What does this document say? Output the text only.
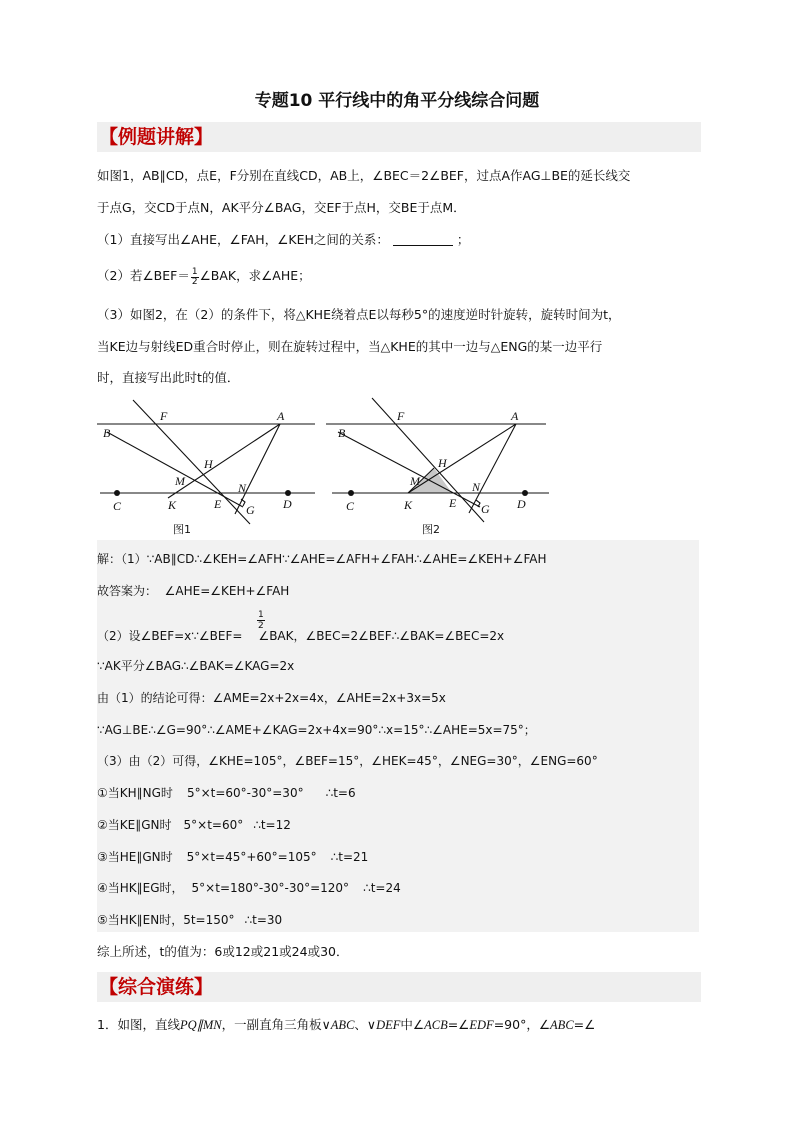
专题10 平行线中的角平分线综合问题
【例题讲解】
如图1，AB∥CD，点E，F分别在直线CD，AB上，∠BEC＝2∠BEF，过点A作AG⊥BE的延长线交
于点G，交CD于点N，AK平分∠BAG，交EF于点H，交BE于点M．
（1）直接写出∠AHE，∠FAH，∠KEH之间的关系：	；
（2）若∠BEF＝ $\frac{1}{2}$ ∠BAK，求∠AHE；
（3）如图2，在（2）的条件下，将△KHE绕着点E以每秒5°的速度逆时针旋转，旋转时间为t，
当KE边与射线ED重合时停止，则在旋转过程中，当△KHE的其中一边与△ENG的某一边平行
时，直接写出此时t的值．
F	A
B
H
M	N
C	K	E G D
图1
F	A
B
H
M	N
C	K	E G D
图2
解：（1）∵AB∥CD∴∠KEH=∠AFH∵∠AHE=∠AFH+∠FAH∴∠AHE=∠KEH+∠FAH
故答案为：  ∠AHE=∠KEH+∠FAH
$\frac{1}{2}$
（2）设∠BEF=x∵∠BEF= ∠BAK，∠BEC=2∠BEF∴∠BAK=∠BEC=2x
∵AK平分∠BAG∴∠BAK=∠KAG=2x
由（1）的结论可得：∠AME=2x+2x=4x，∠AHE=2x+3x=5x
∵AG⊥BE∴∠G=90°∴∠AME+∠KAG=2x+4x=90°∴x=15°∴∠AHE=5x=75°；
（3）由（2）可得，∠KHE=105°，∠BEF=15°，∠HEK=45°，∠NEG=30°，∠ENG=60°
①当KH∥NG时 5°×t=60°-30°=30° ∴t=6
②当KE∥GN时 5°×t=60° ∴t=12
③当HE∥GN时 5°×t=45°+60°=105° ∴t=21
④当HK∥EG时， 5°×t=180°-30°-30°=120° ∴t=24
⑤当HK∥EN时，5t=150° ∴t=30
综上所述，t的值为：6或12或21或24或30．
【综合演练】
1．如图，直线PQ∥MN，一副直角三角板∨ABC、∨DEF中∠ACB=∠EDF=90°，∠ABC=∠
